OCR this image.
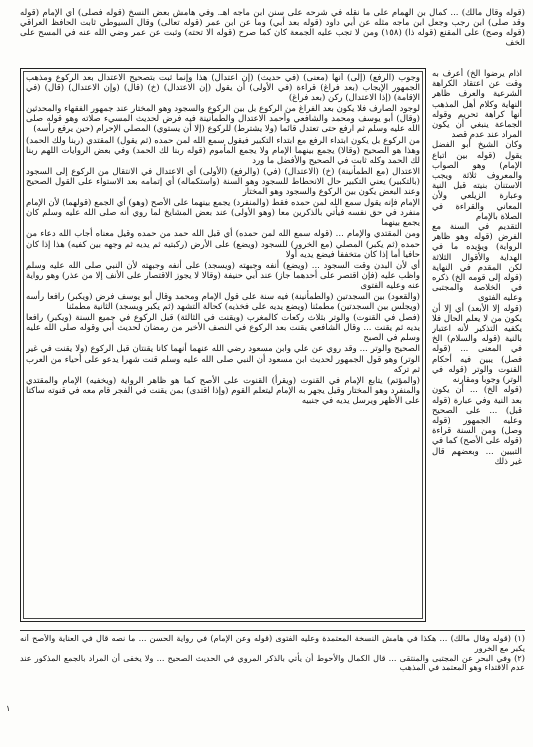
(قوله وقال مالك) ... كمال بن الهمام على ما نقله في شرحه على سنن ابن ماجه اهـ. وفي هامش بعض النسخ (قوله فصلى) أي الإمام (قوله وقد صلى) ابن رجب وجعل ابن ماجه مثله عن أبي داود (قوله بعد أبي) وما عن ابن عمر (قوله تعالى) وقال السيوطي ثابت الحافظ العراقي (قوله وصح) على المقنع (قوله ذا) (١٥٨) ومن لا تجب عليه الجمعة كان كما صرح (قوله الا تحته) وثبت عن عمر وضي الله عنه في المسح على الخف

وجوب (الرفع) (إلى) أنها (معنى) (في حديث) (إن اعتدال) هذا وإنما ثبت بتصحيح الاعتدال بعد الركوع ومذهب الجمهور الإيجاب (بعد فراغ) قراءة (في الأولى) أن يقول (إن الاعتدال) (خ) (قال) (وإن الاعتدال) (قال) (في الإقامة) (إذا الاعتدال) ركن (بعد فراغ)

لوجود الصارف فلا يكون بعد الفراغ من الركوع بل بين الركوع والسجود وهو المختار عند جمهور الفقهاء والمحدثين (وقال) أبو يوسف ومحمد والشافعي وأحمد الاعتدال والطمأنينة فيه فرض لحديث المسيء صلاته وهو قوله صلى الله عليه وسلم ثم ارفع حتى تعتدل قائما (ولا يشترط) للركوع (إلا أن يستوي) المصلي الإحرام (حين يرفع رأسه)

من الركوع بل يكون ابتداء الرفع مع ابتداء التكبير فيقول سمع الله لمن حمده (ثم يقول) المقتدي (ربنا ولك الحمد) وهذا هو الصحيح (وقالا) يجمع بينهما الإمام ولا يجمع المأموم (قوله ربنا لك الحمد) وفي بعض الروايات اللهم ربنا لك الحمد وكله ثابت في الصحيح والأفضل ما ورد

الاعتدال (مع الطمأنينة) (خ) (الاعتدال) (في) (والرفع) (الأولى) أي الاعتدال في الانتقال من الركوع إلى السجود (بالتكبير) يعني التكبير حال الانحطاط للسجود وهو السنة (واستكماله) أي إتمامه بعد الاستواء على القول الصحيح وعند البعض يكون بين الركوع والسجود وهو المختار

الإمام فإنه يقول سمع الله لمن حمده فقط (والمنفرد) يجمع بينهما على الأصح (وهو) أي الجمع (قولهما) لأن الإمام منفرد في حق نفسه فيأتي بالذكرين معا (وهو الأولى) عند بعض المشايخ لما روي أنه صلى الله عليه وسلم كان يجمع بينهما

ومن المقتدي والإمام ... (قوله سمع الله لمن حمده) أي قبل الله حمد من حمده وقيل معناه أجاب الله دعاء من حمده (ثم يكبر) المصلي (مع الخرور) للسجود (ويضع) على الأرض (ركبتيه ثم يديه ثم وجهه بين كفيه) هذا إذا كان حافيا أما إذا كان متخففا فيضع يديه أولا

أي لأن البدن وقت السجود ... (ويضع) أنفه وجبهته (ويسجد) على أنفه وجبهته لأن النبي صلى الله عليه وسلم واظب عليه (فإن اقتصر على أحدهما جاز) عند أبي حنيفة (وقالا لا يجوز الاقتصار على الأنف إلا من عذر) وهو رواية عنه وعليه الفتوى

(والقعود) بين السجدتين (والطمأنينة) فيه سنة على قول الإمام ومحمد وقال أبو يوسف فرض (ويكبر) رافعا رأسه (ويجلس بين السجدتين) مطمئنا (ويضع يديه على فخذيه) كحالة التشهد (ثم يكبر ويسجد) الثانية مطمئنا

(فصل في القنوت) والوتر بثلاث ركعات كالمغرب (ويقنت في الثالثة) قبل الركوع في جميع السنة (ويكبر) رافعا يديه ثم يقنت ... وقال الشافعي يقنت بعد الركوع في النصف الأخير من رمضان لحديث أبي وقوله صلى الله عليه وسلم في الصبح

الصحيح والوتر ... وقد روي عن علي وابن مسعود رضي الله عنهما أنهما كانا يقنتان قبل الركوع (ولا يقنت في غير الوتر) وهو قول الجمهور لحديث ابن مسعود أن النبي صلى الله عليه وسلم قنت شهرا يدعو على أحياء من العرب ثم تركه

(والمؤتم) يتابع الإمام في القنوت (ويقرأ) القنوت على الأصح كما هو ظاهر الرواية (ويخفيه) الإمام والمقتدي والمنفرد وهو المختار وقيل يجهر به الإمام ليتعلم القوم (وإذا اقتدى) بمن يقنت في الفجر قام معه في قنوته ساكتا على الأظهر ويرسل يديه في جنبيه

اذام يرضوا الخ) أعرف به وقت عن اعتقاد الكراهة الشرعية والعرف ظاهر النهاية وكلام أهل المذهب أنها كراهة تحريم وقوله الجماعة ينبغي أن يكون المراد عند عدم قصد

وكان الشيخ أبو الفضل يقول (قوله بين اتباع الإمام) وهو الصواب والمعروف ثلاثة ويجب الاستنان بنيته قبل النية وعبارة الزيلعي ولأن المعاني والقراءة في الصلاة بالإمام

التقديم في السنة مع الفرض (قوله وهو ظاهر الرواية) ويؤيده ما في الهداية والأقوال الثلاثة لكن المقدم في النهاية (قوله إلى قومه الخ) ذكره في الخلاصة والمجتبى وعليه الفتوى

(قوله إلا الأبعد) أي إلا أن يكون من لا يعلم الحال فلا يكفيه التذكير لأنه اعتبار بالنية (قوله والسلام) الخ في المعنى ... (قوله فصل) يبين فيه أحكام القنوت والوتر (قوله في الوتر) وجوبا ومقارنه

(قوله الخ) ... أن يكون بعد النية وفي عبارة (قوله قبل) ... على الصحيح وعليه الجمهور (قوله وصل) ومن السنة قراءة (قوله على الأصح) كما في التبيين ... وبعضهم قال غير ذلك

(١) (قوله وقال مالك) ... هكذا في هامش النسخة المعتمدة وعليه الفتوى (قوله وعن الإمام) في رواية الحسن ... ما نصه قال في العناية والأصح أنه يكبر مع الخرور

(٢) وفي البحر عن المجتبى والمنتقى ... قال الكمال والأحوط أن يأتي بالذكر المروي في الحديث الصحيح ... ولا يخفى أن المراد بالجمع المذكور عند عدم الاقتداء وهو المعتمد في المذهب

١
